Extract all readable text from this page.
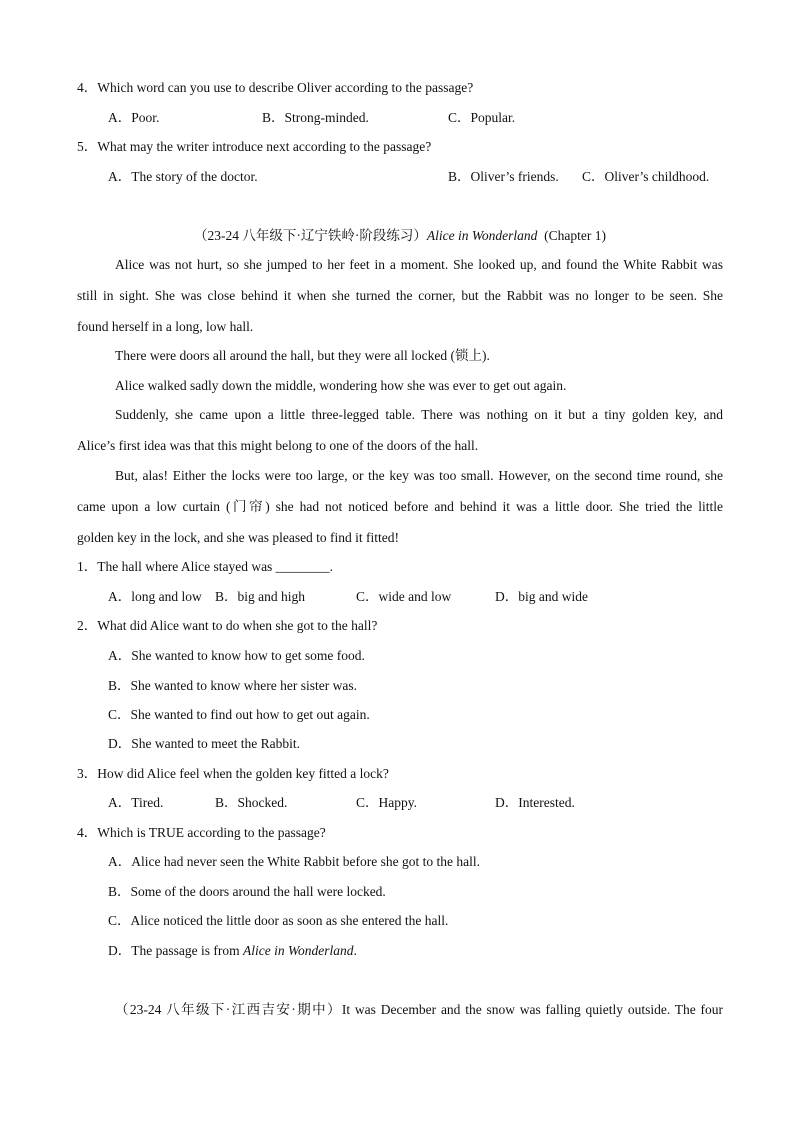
4．Which word can you use to describe Oliver according to the passage?
A．Poor.	B．Strong-minded.	C．Popular.
5．What may the writer introduce next according to the passage?
A．The story of the doctor.	B．Oliver’s friends. C．Oliver’s childhood.
（23-24 八年级下·辽宁铁岭·阶段练习）Alice in Wonderland (Chapter 1)
Alice was not hurt, so she jumped to her feet in a moment. She looked up, and found the White Rabbit was
still in sight. She was close behind it when she turned the corner, but the Rabbit was no longer to be seen. She
found herself in a long, low hall.
There were doors all around the hall, but they were all locked (锁上).
Alice walked sadly down the middle, wondering how she was ever to get out again.
Suddenly, she came upon a little three-legged table. There was nothing on it but a tiny golden key, and
Alice’s first idea was that this might belong to one of the doors of the hall.
But, alas! Either the locks were too large, or the key was too small. However, on the second time round, she
came upon a low curtain (门帘) she had not noticed before and behind it was a little door. She tried the little
golden key in the lock, and she was pleased to find it fitted!
1．The hall where Alice stayed was ________.
A．long and low B．big and high	C．wide and low	D．big and wide
2．What did Alice want to do when she got to the hall?
A．She wanted to know how to get some food.
B．She wanted to know where her sister was.
C．She wanted to find out how to get out again.
D．She wanted to meet the Rabbit.
3．How did Alice feel when the golden key fitted a lock?
A．Tired.	B．Shocked.	C．Happy.	D．Interested.
4．Which is TRUE according to the passage?
A．Alice had never seen the White Rabbit before she got to the hall.
B．Some of the doors around the hall were locked.
C．Alice noticed the little door as soon as she entered the hall.
D．The passage is from Alice in Wonderland.
（23-24 八年级下·江西吉安·期中）It was December and the snow was falling quietly outside. The four
